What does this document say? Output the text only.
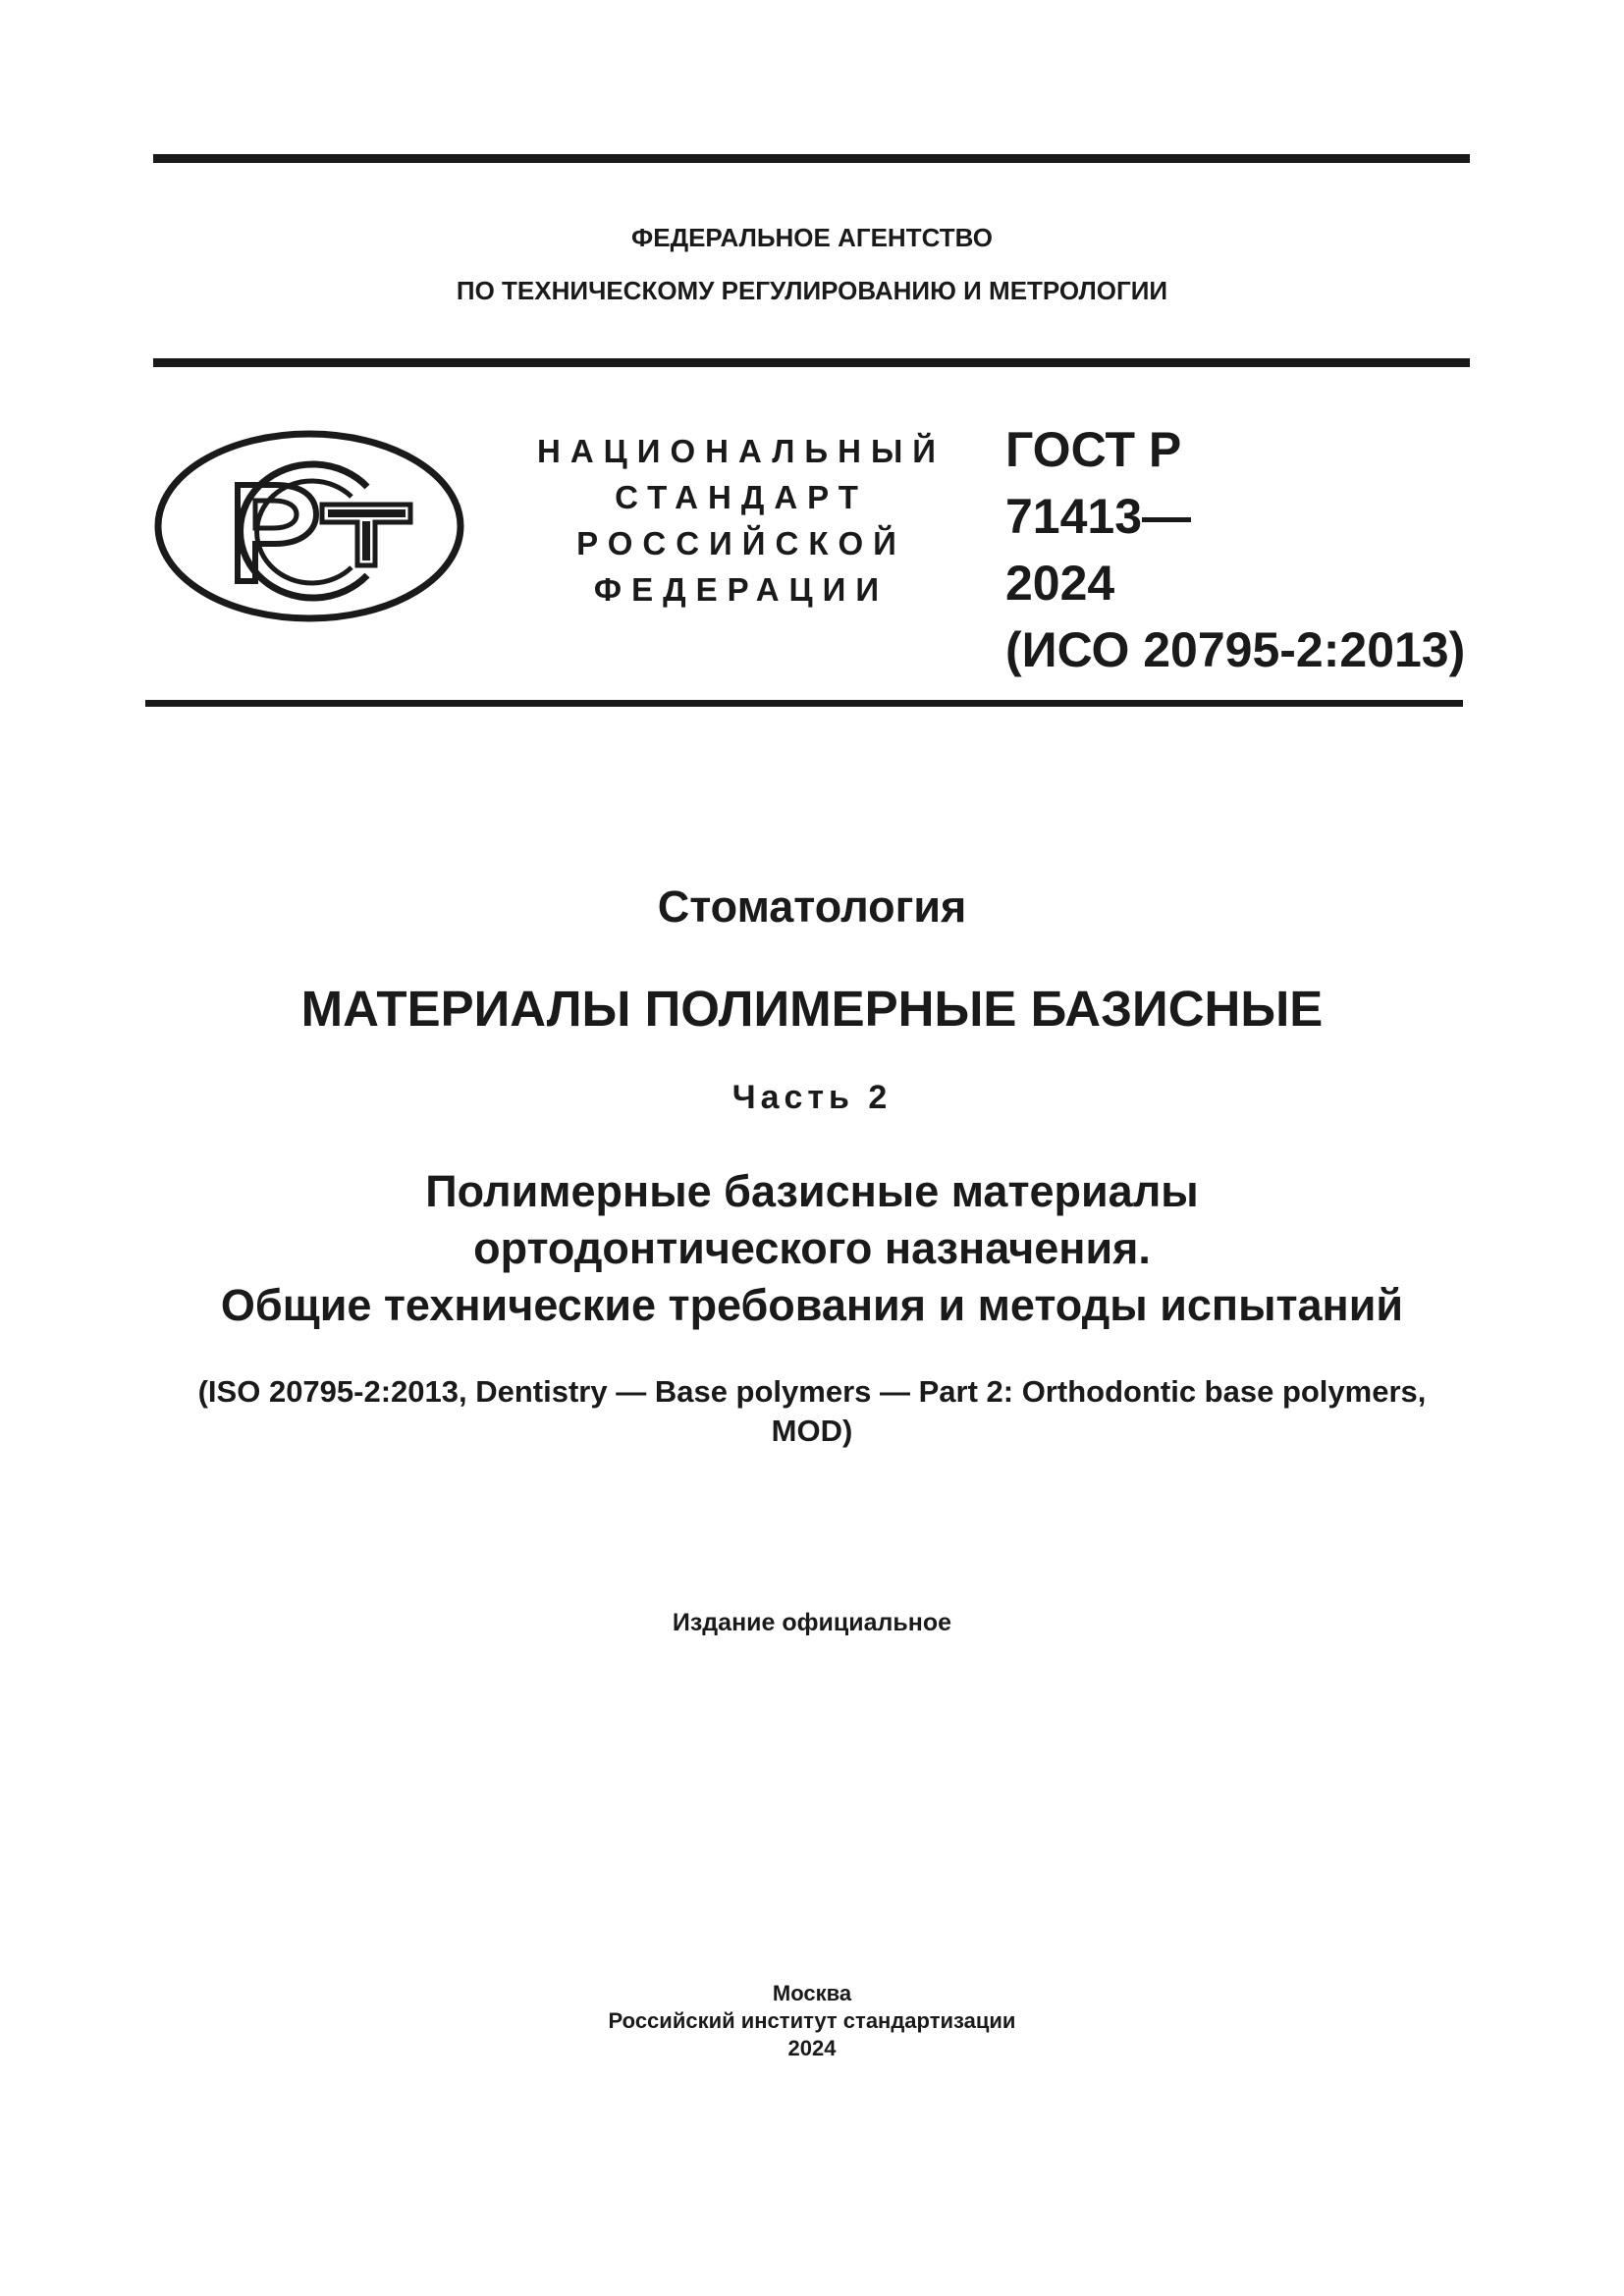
ФЕДЕРАЛЬНОЕ АГЕНТСТВО
ПО ТЕХНИЧЕСКОМУ РЕГУЛИРОВАНИЮ И МЕТРОЛОГИИ
НАЦИОНАЛЬНЫЙ
СТАНДАРТ
РОССИЙСКОЙ
ФЕДЕРАЦИИ
ГОСТ Р
71413—
2024
(ИСО 20795-2:2013)
Стоматология
МАТЕРИАЛЫ ПОЛИМЕРНЫЕ БАЗИСНЫЕ
Часть 2
Полимерные базисные материалы
ортодонтического назначения.
Общие технические требования и методы испытаний
(ISO 20795-2:2013, Dentistry — Base polymers — Part 2: Orthodontic base polymers,
MOD)
Издание официальное
Москва
Российский институт стандартизации
2024
